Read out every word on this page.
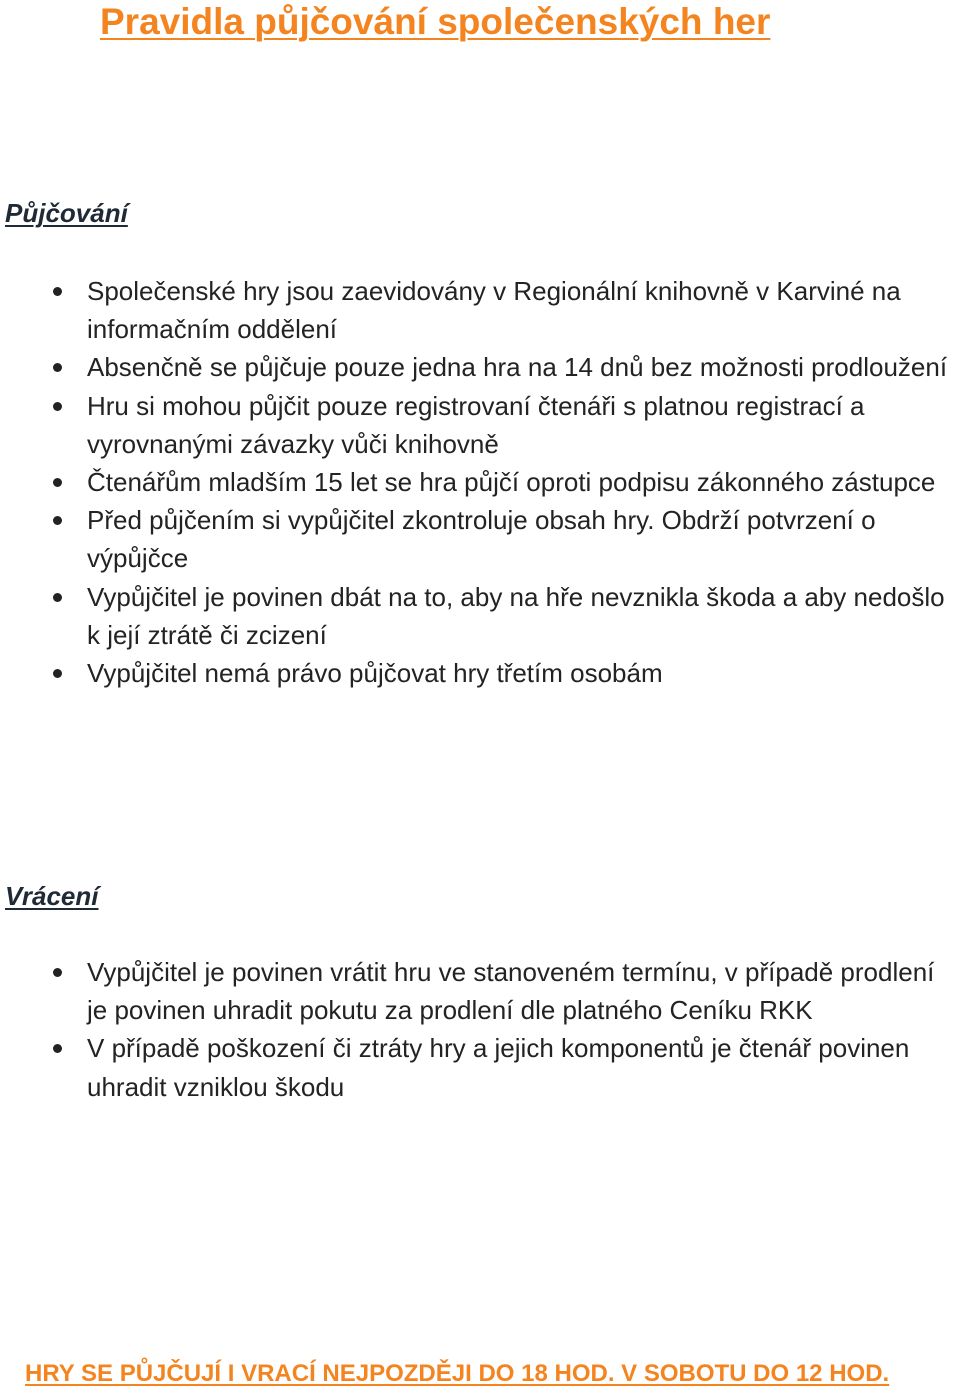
Pravidla půjčování společenských her
Půjčování
Společenské hry jsou zaevidovány v Regionální knihovně v Karviné na informačním oddělení
Absenčně se půjčuje pouze jedna hra na 14 dnů bez možnosti prodloužení
Hru si mohou půjčit pouze registrovaní čtenáři s platnou registrací a vyrovnanými závazky vůči knihovně
Čtenářům mladším 15 let se hra půjčí oproti podpisu zákonného zástupce
Před půjčením si vypůjčitel zkontroluje obsah hry. Obdrží potvrzení o výpůjčce
Vypůjčitel je povinen dbát na to, aby na hře nevznikla škoda a aby nedošlo k její ztrátě či zcizení
Vypůjčitel nemá právo půjčovat hry třetím osobám
Vrácení
Vypůjčitel je povinen vrátit hru ve stanoveném termínu, v případě prodlení je povinen uhradit pokutu za prodlení dle platného Ceníku RKK
V případě poškození či ztráty hry a jejich komponentů je čtenář povinen uhradit vzniklou škodu

HRY SE PŮJČUJÍ I VRACÍ NEJPOZDĚJI DO 18 HOD. V SOBOTU DO 12 HOD.
